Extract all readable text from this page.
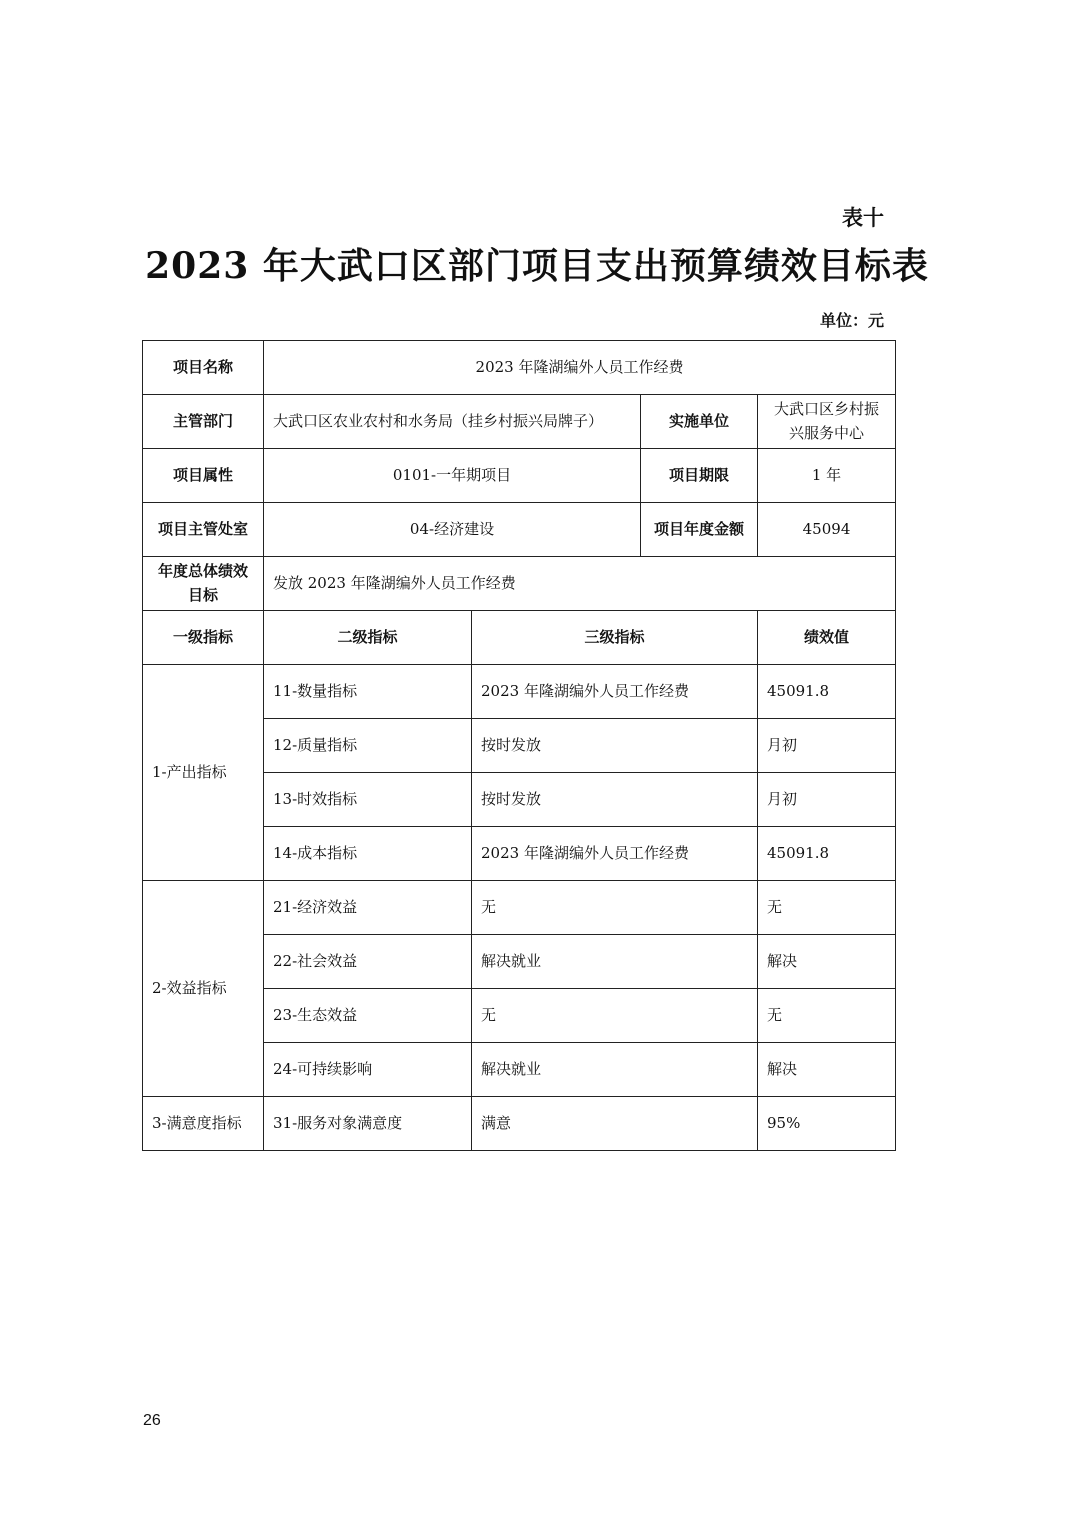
表十
2023 年大武口区部门项目支出预算绩效目标表
单位：元
项目名称	2023 年隆湖编外人员工作经费			
主管部门	大武口区农业农村和水务局（挂乡村振兴局牌子）		实施单位	大武口区乡村振兴服务中心
项目属性	0101-一年期项目		项目期限	1 年
项目主管处室	04-经济建设		项目年度金额	45094
年度总体绩效目标	发放 2023 年隆湖编外人员工作经费			
一级指标	二级指标	三级指标		绩效值
1-产出指标	11-数量指标	2023 年隆湖编外人员工作经费		45091.8
	12-质量指标	按时发放		月初
	13-时效指标	按时发放		月初
	14-成本指标	2023 年隆湖编外人员工作经费		45091.8
2-效益指标	21-经济效益	无		无
	22-社会效益	解决就业		解决
	23-生态效益	无		无
	24-可持续影响	解决就业		解决
3-满意度指标	31-服务对象满意度	满意		95%
26
